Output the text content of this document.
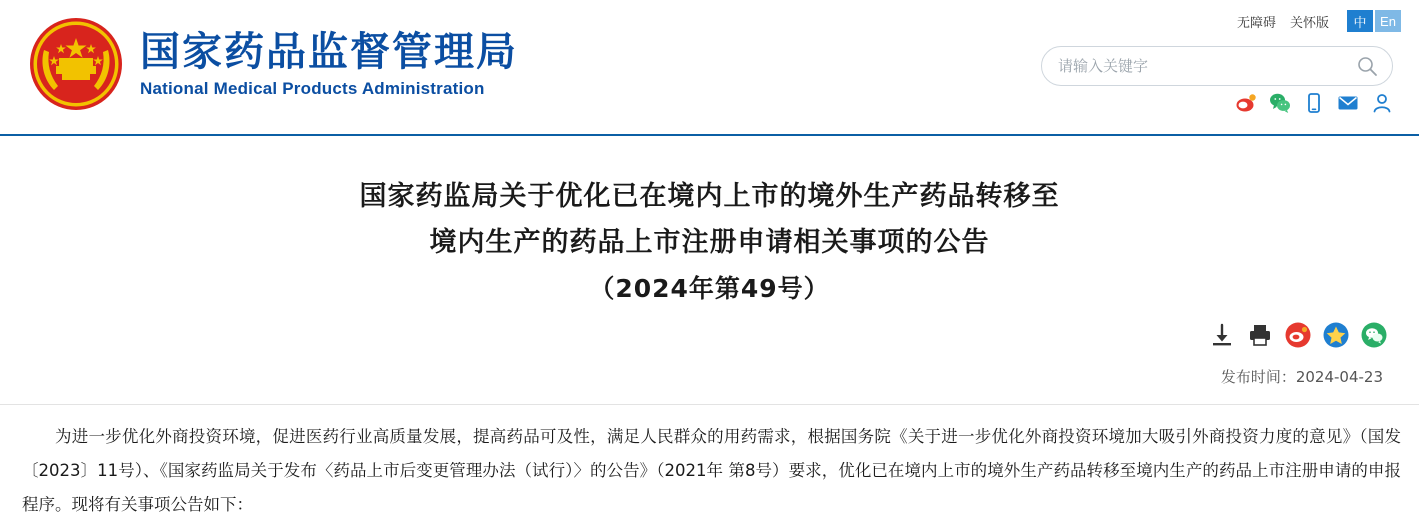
国家药品监督管理局
National Medical Products Administration
无障碍 关怀版	中	En
请输入关键字
国家药监局关于优化已在境内上市的境外生产药品转移至
境内生产的药品上市注册申请相关事项的公告
（2024年第49号）
发布时间：2024-04-23
为进一步优化外商投资环境，促进医药行业高质量发展，提高药品可及性，满足人民群众的用药需求，根据国务院《关于进一步优化外商投资环境加大吸引外商投资力度的意见》（国发〔2023〕11号）、《国家药监局关于发布〈药品上市后变更管理办法（试行）〉的公告》（2021年 第8号）要求，优化已在境内上市的境外生产药品转移至境内生产的药品上市注册申请的申报程序。现将有关事项公告如下：
